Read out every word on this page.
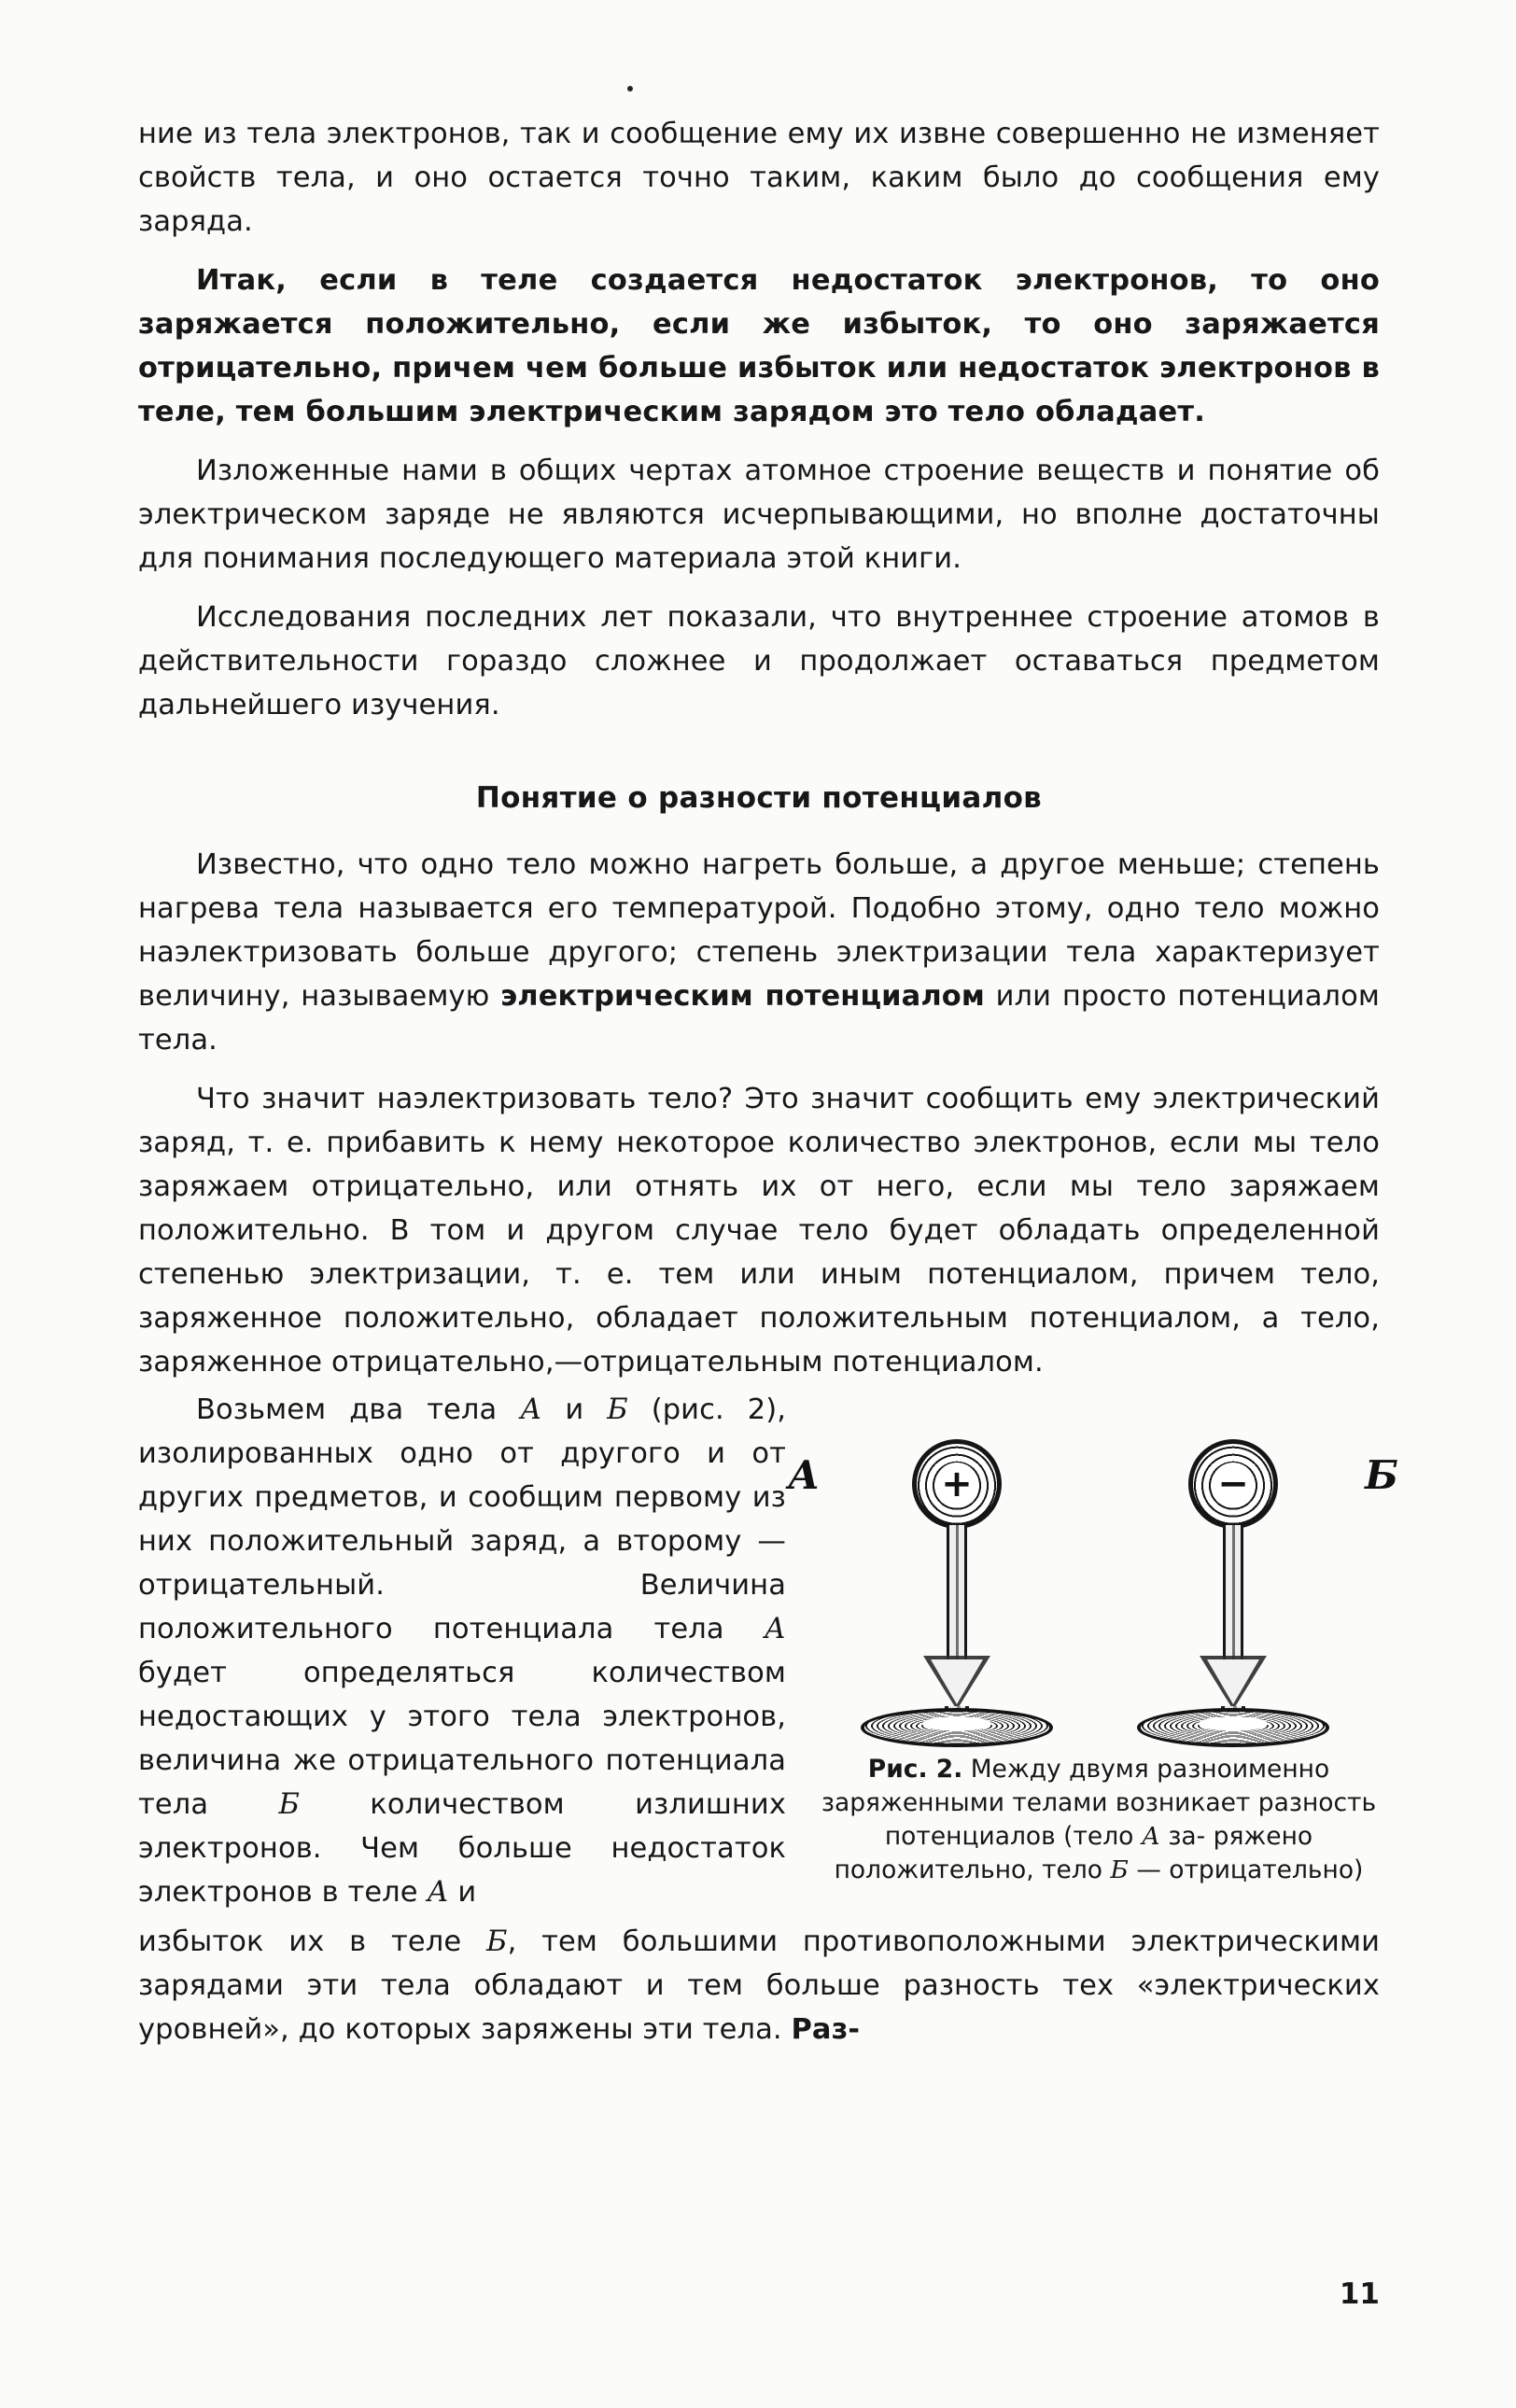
ние из тела электронов, так и сообщение ему их извне совершенно не изменяет свойств тела, и оно остается точно таким, каким было до сообщения ему заряда.

Итак, если в теле создается недостаток электронов, то оно заряжается положительно, если же избыток, то оно заряжается отрицательно, причем чем больше избыток или недостаток электронов в теле, тем большим электрическим зарядом это тело обладает.

Изложенные нами в общих чертах атомное строение веществ и понятие об электрическом заряде не являются исчерпывающими, но вполне достаточны для понимания последующего материала этой книги.

Исследования последних лет показали, что внутреннее строение атомов в действительности гораздо сложнее и продолжает оставаться предметом дальнейшего изучения.

Понятие о разности потенциалов

Известно, что одно тело можно нагреть больше, а другое меньше; степень нагрева тела называется его температурой. Подобно этому, одно тело можно наэлектризовать больше другого; степень электризации тела характеризует величину, называемую электрическим потенциалом или просто потенциалом тела.

Что значит наэлектризовать тело? Это значит сообщить ему электрический заряд, т. е. прибавить к нему некоторое количество электронов, если мы тело заряжаем отрицательно, или отнять их от него, если мы тело заряжаем положительно. В том и другом случае тело будет обладать определенной степенью электризации, т. е. тем или иным потенциалом, причем тело, заряженное положительно, обладает положительным потенциалом, а тело, заряженное отрицательно,—отрицательным потенциалом.

А	+	Б
−
Рис. 2. Между двумя разноименно заряженными телами возникает разность потенциалов (тело А за- ряжено положительно, тело Б — отрицательно)

Возьмем два тела А и Б (рис. 2), изолированных одно от другого и от других предметов, и сообщим первому из них положительный заряд, а второму — отрицательный. Величина положительного потенциала тела А будет определяться количеством недостающих у этого тела электронов, величина же отрицательного потенциала тела Б количеством излишних электронов. Чем больше недостаток электронов в теле А и

избыток их в теле Б, тем большими противоположными электрическими зарядами эти тела обладают и тем больше разность тех «электрических уровней», до которых заряжены эти тела. Раз-

11
